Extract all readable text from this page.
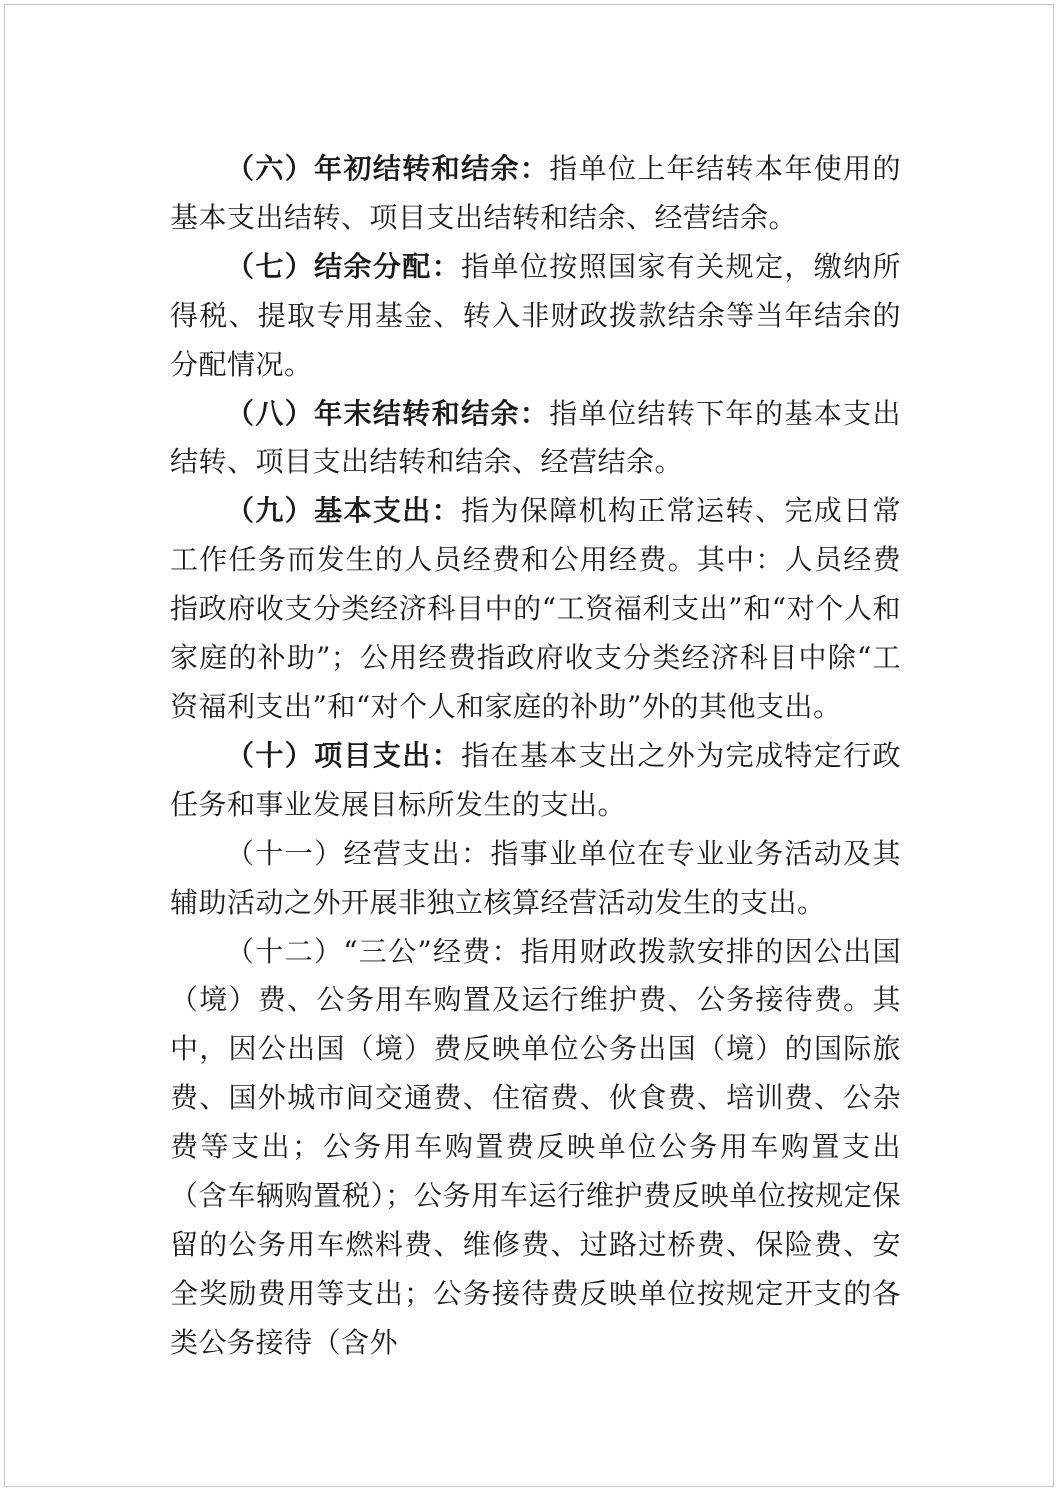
（六）年初结转和结余：指单位上年结转本年使用的基本支出结转、项目支出结转和结余、经营结余。

（七）结余分配：指单位按照国家有关规定，缴纳所得税、提取专用基金、转入非财政拨款结余等当年结余的分配情况。

（八）年末结转和结余：指单位结转下年的基本支出结转、项目支出结转和结余、经营结余。

（九）基本支出：指为保障机构正常运转、完成日常工作任务而发生的人员经费和公用经费。其中：人员经费指政府收支分类经济科目中的“工资福利支出”和“对个人和家庭的补助”；公用经费指政府收支分类经济科目中除“工资福利支出”和“对个人和家庭的补助”外的其他支出。

（十）项目支出：指在基本支出之外为完成特定行政任务和事业发展目标所发生的支出。

（十一）经营支出：指事业单位在专业业务活动及其辅助活动之外开展非独立核算经营活动发生的支出。

（十二）“三公”经费：指用财政拨款安排的因公出国（境）费、公务用车购置及运行维护费、公务接待费。其中，因公出国（境）费反映单位公务出国（境）的国际旅费、国外城市间交通费、住宿费、伙食费、培训费、公杂费等支出；公务用车购置费反映单位公务用车购置支出（含车辆购置税）；公务用车运行维护费反映单位按规定保留的公务用车燃料费、维修费、过路过桥费、保险费、安全奖励费用等支出；公务接待费反映单位按规定开支的各类公务接待（含外
